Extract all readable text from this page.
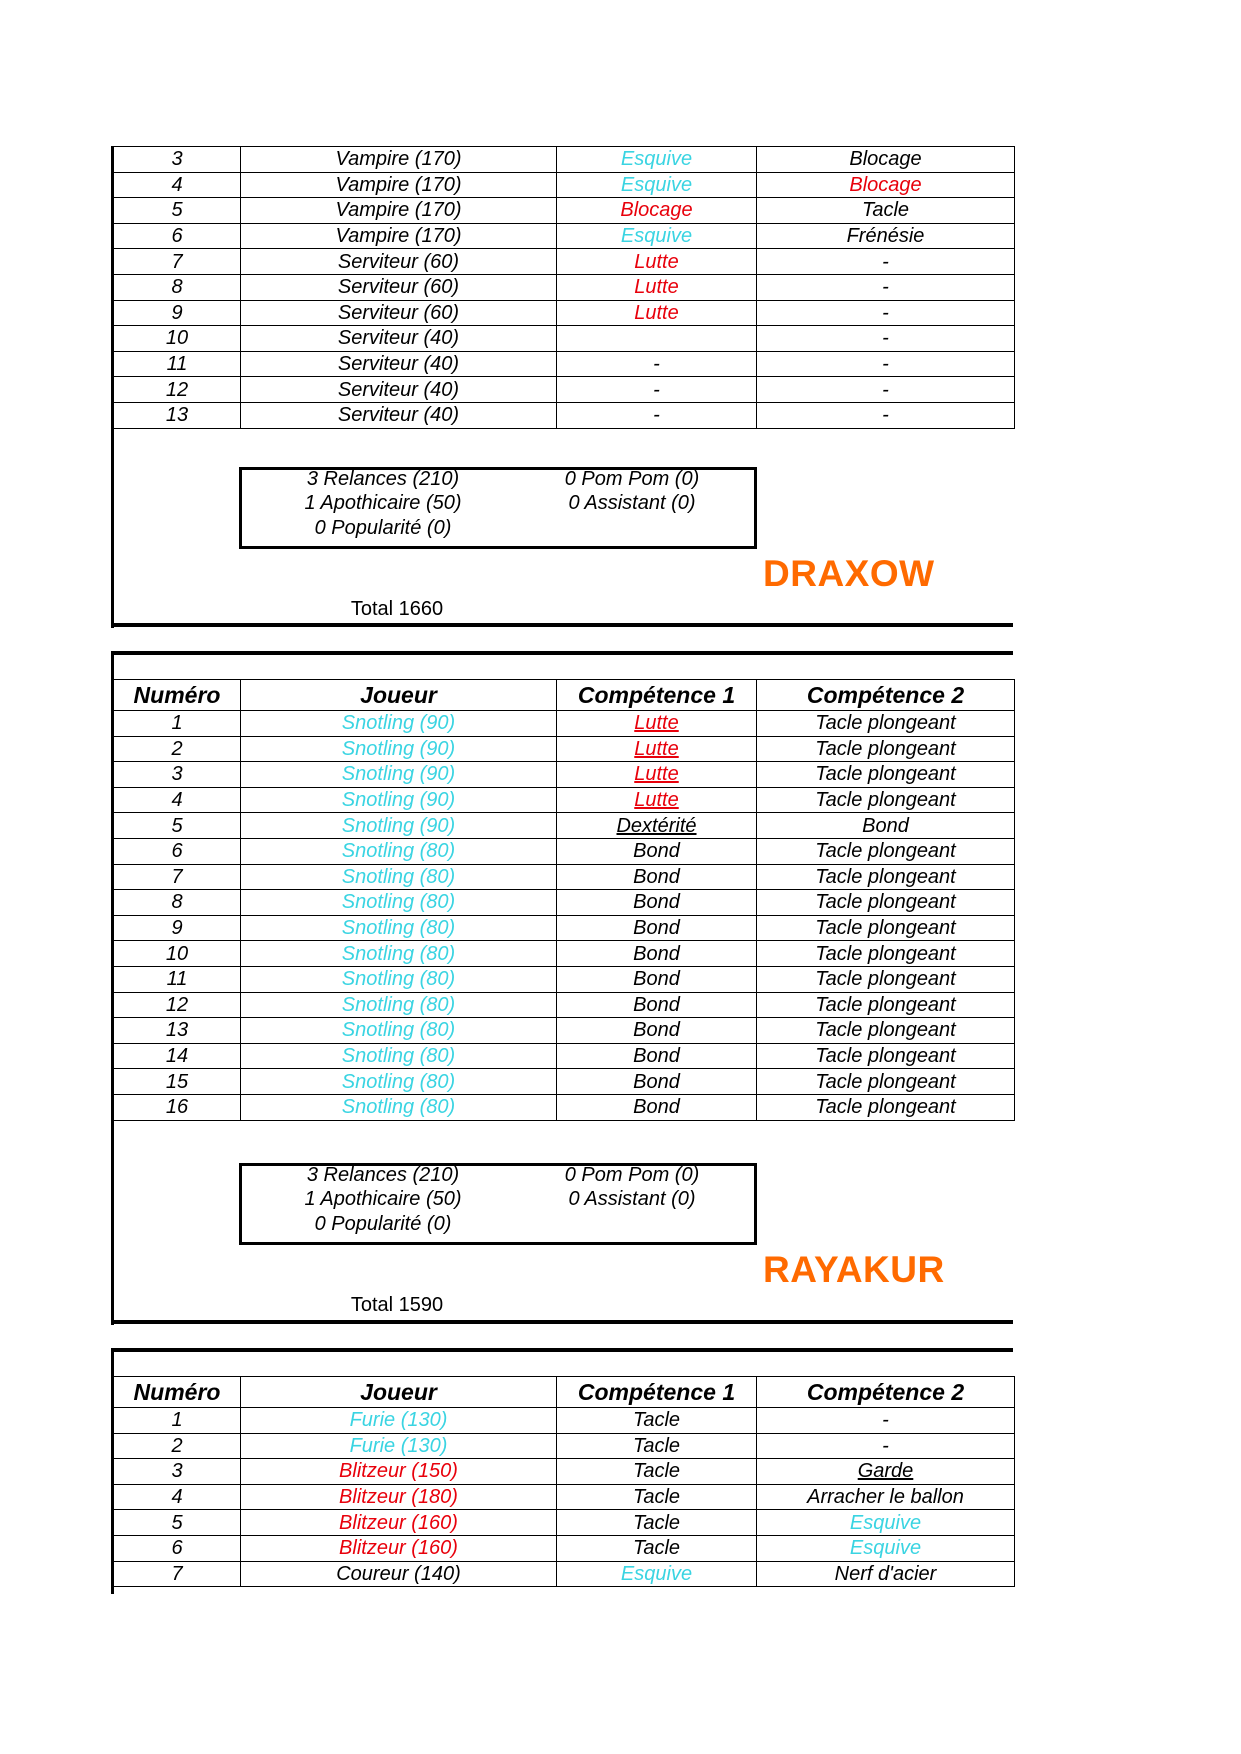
3	Vampire (170)	Esquive	Blocage
4	Vampire (170)	Esquive	Blocage
5	Vampire (170)	Blocage	Tacle
6	Vampire (170)	Esquive	Frénésie
7	Serviteur (60)	Lutte	-
8	Serviteur (60)	Lutte	-
9	Serviteur (60)	Lutte	-
10	Serviteur (40)		-
11	Serviteur (40)	-	-
12	Serviteur (40)	-	-
13	Serviteur (40)	-	-
3 Relances (210)
1 Apothicaire (50)
0 Popularité (0)
0 Pom Pom (0)
0 Assistant (0)
DRAXOW
Total 1660
Numéro	Joueur	Compétence 1	Compétence 2
1	Snotling (90)	Lutte	Tacle plongeant
2	Snotling (90)	Lutte	Tacle plongeant
3	Snotling (90)	Lutte	Tacle plongeant
4	Snotling (90)	Lutte	Tacle plongeant
5	Snotling (90)	Dextérité	Bond
6	Snotling (80)	Bond	Tacle plongeant
7	Snotling (80)	Bond	Tacle plongeant
8	Snotling (80)	Bond	Tacle plongeant
9	Snotling (80)	Bond	Tacle plongeant
10	Snotling (80)	Bond	Tacle plongeant
11	Snotling (80)	Bond	Tacle plongeant
12	Snotling (80)	Bond	Tacle plongeant
13	Snotling (80)	Bond	Tacle plongeant
14	Snotling (80)	Bond	Tacle plongeant
15	Snotling (80)	Bond	Tacle plongeant
16	Snotling (80)	Bond	Tacle plongeant
3 Relances (210)
1 Apothicaire (50)
0 Popularité (0)
0 Pom Pom (0)
0 Assistant (0)
RAYAKUR
Total 1590
Numéro	Joueur	Compétence 1	Compétence 2
1	Furie (130)	Tacle	-
2	Furie (130)	Tacle	-
3	Blitzeur (150)	Tacle	Garde
4	Blitzeur (180)	Tacle	Arracher le ballon
5	Blitzeur (160)	Tacle	Esquive
6	Blitzeur (160)	Tacle	Esquive
7	Coureur (140)	Esquive	Nerf d'acier
